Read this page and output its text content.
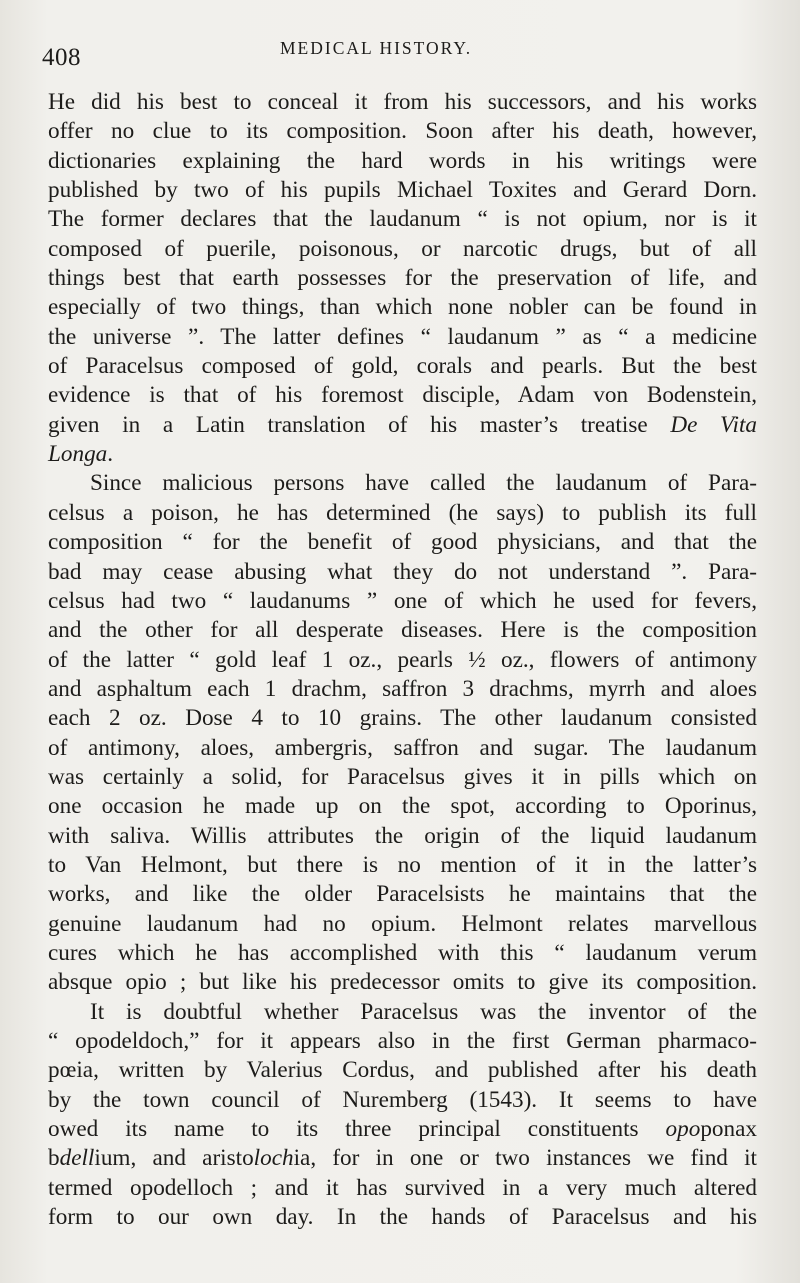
408	MEDICAL HISTORY.
He did his best to conceal it from his successors, and his works
offer no clue to its composition. Soon after his death, however,
dictionaries explaining the hard words in his writings were
published by two of his pupils Michael Toxites and Gerard Dorn.
The former declares that the laudanum “ is not opium, nor is it
composed of puerile, poisonous, or narcotic drugs, but of all
things best that earth possesses for the preservation of life, and
especially of two things, than which none nobler can be found in
the universe ”. The latter defines “ laudanum ” as “ a medicine
of Paracelsus composed of gold, corals and pearls. But the best
evidence is that of his foremost disciple, Adam von Bodenstein,
given in a Latin translation of his master’s treatise De Vita
Longa.
Since malicious persons have called the laudanum of Para-
celsus a poison, he has determined (he says) to publish its full
composition “ for the benefit of good physicians, and that the
bad may cease abusing what they do not understand ”. Para-
celsus had two “ laudanums ” one of which he used for fevers,
and the other for all desperate diseases. Here is the composition
of the latter “ gold leaf 1 oz., pearls ½ oz., flowers of antimony
and asphaltum each 1 drachm, saffron 3 drachms, myrrh and aloes
each 2 oz. Dose 4 to 10 grains. The other laudanum consisted
of antimony, aloes, ambergris, saffron and sugar. The laudanum
was certainly a solid, for Paracelsus gives it in pills which on
one occasion he made up on the spot, according to Oporinus,
with saliva. Willis attributes the origin of the liquid laudanum
to Van Helmont, but there is no mention of it in the latter’s
works, and like the older Paracelsists he maintains that the
genuine laudanum had no opium. Helmont relates marvellous
cures which he has accomplished with this “ laudanum verum
absque opio ; but like his predecessor omits to give its composition.
It is doubtful whether Paracelsus was the inventor of the
“ opodeldoch,” for it appears also in the first German pharmaco-
pœia, written by Valerius Cordus, and published after his death
by the town council of Nuremberg (1543). It seems to have
owed its name to its three principal constituents opoponax
bdellium, and aristolochia, for in one or two instances we find it
termed opodelloch ; and it has survived in a very much altered
form to our own day. In the hands of Paracelsus and his
